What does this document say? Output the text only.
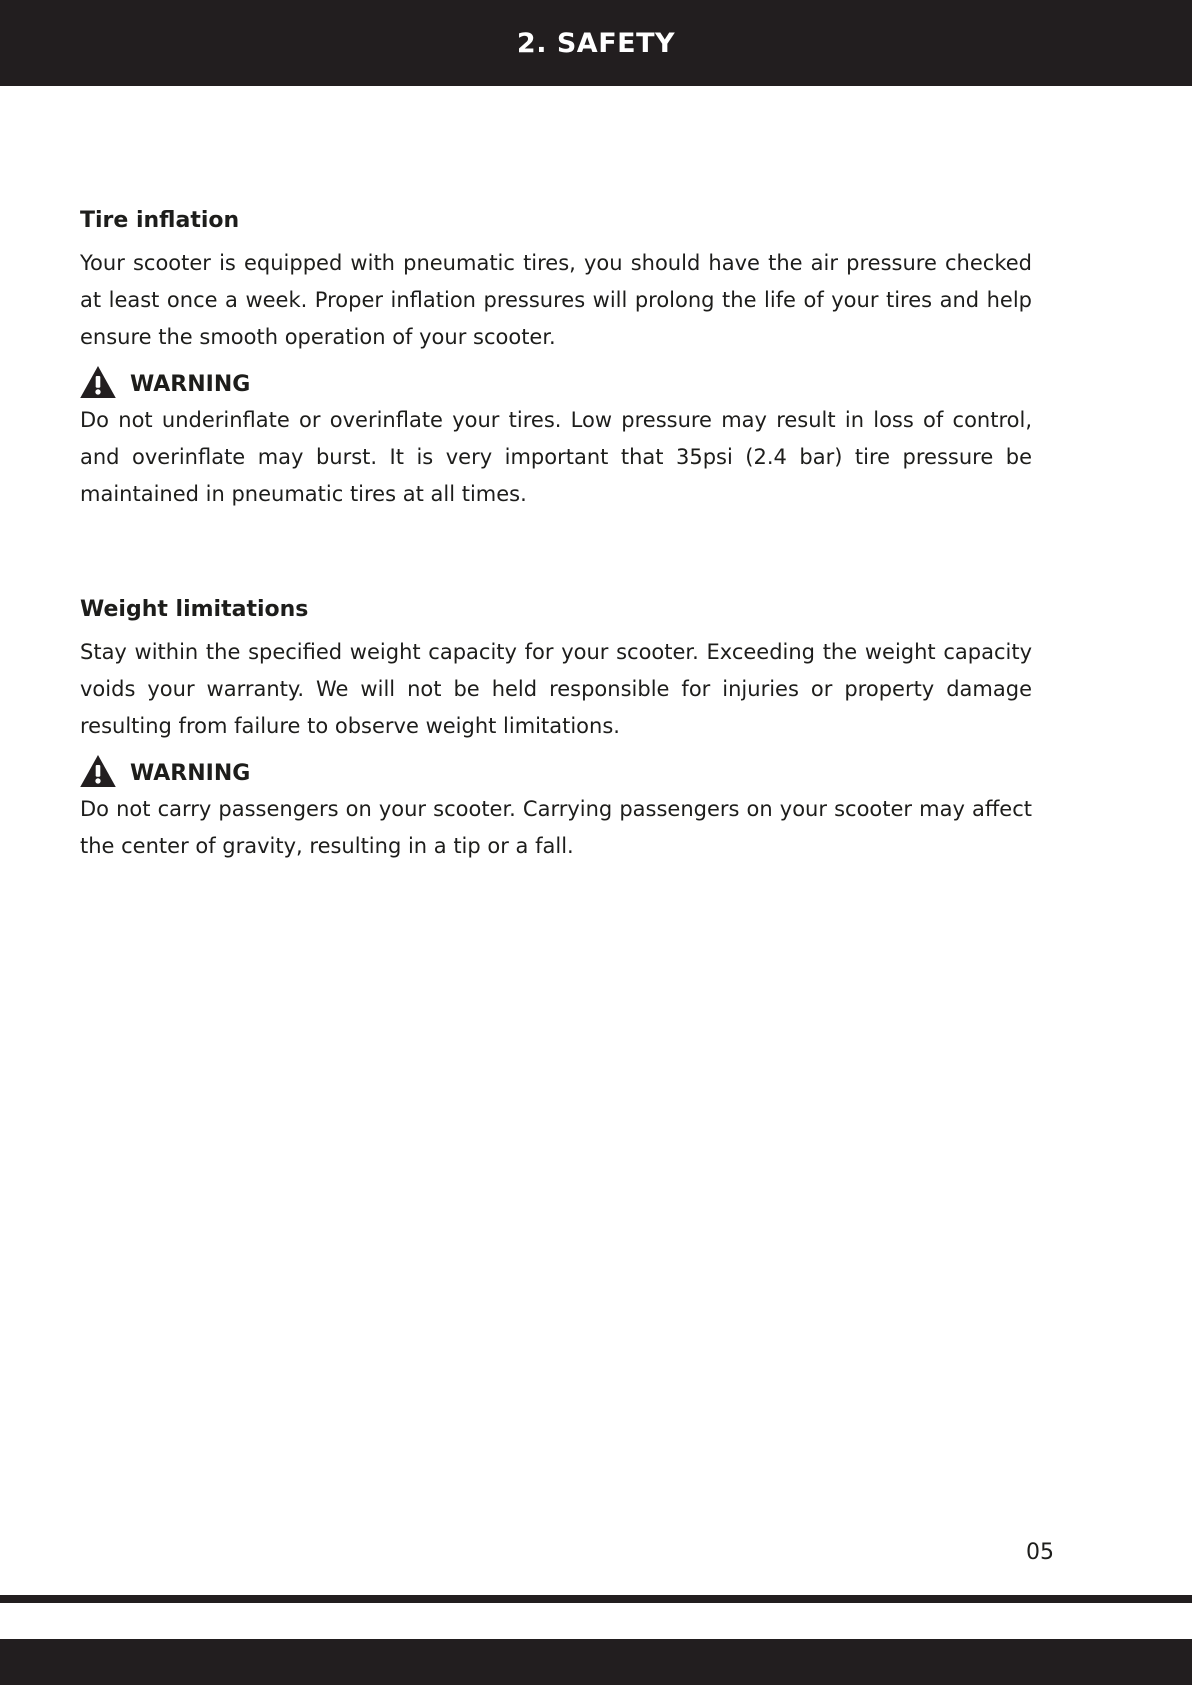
2. SAFETY
Tire inflation

Your scooter is equipped with pneumatic tires, you should have the air pressure checked at least once a week. Proper inflation pressures will prolong the life of your tires and help ensure the smooth operation of your scooter.

WARNING

Do not underinflate or overinflate your tires. Low pressure may result in loss of control, and overinflate may burst. It is very important that 35psi (2.4 bar) tire pressure be maintained in pneumatic tires at all times.

Weight limitations

Stay within the specified weight capacity for your scooter. Exceeding the weight capacity voids your warranty. We will not be held responsible for injuries or property damage resulting from failure to observe weight limitations.

WARNING

Do not carry passengers on your scooter. Carrying passengers on your scooter may affect the center of gravity, resulting in a tip or a fall.

05
